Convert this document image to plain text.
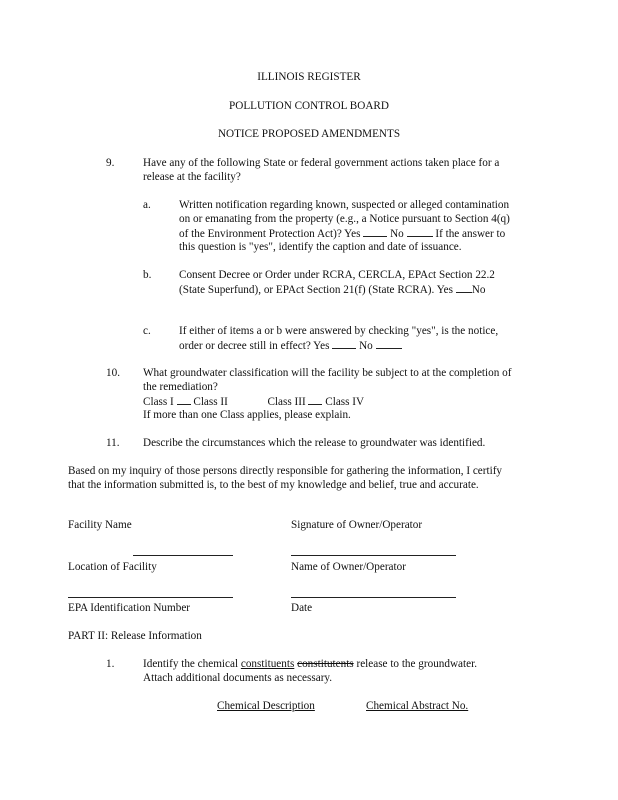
ILLINOIS REGISTER
POLLUTION CONTROL BOARD
NOTICE PROPOSED AMENDMENTS
9.	Have any of the following State or federal government actions taken place for a
release at the facility?
a.	Written notification regarding known, suspected or alleged contamination
on or emanating from the property (e.g., a Notice pursuant to Section 4(q)
of the Environment Protection Act)? Yes	No	If the answer to
this question is "yes", identify the caption and date of issuance.
b. Consent Decree or Order under RCRA, CERCLA, EPAct Section 22.2
(State Superfund), or EPAct Section 21(f) (State RCRA). Yes No
c.	If either of items a or b were answered by checking "yes", is the notice,
order or decree still in effect? Yes	No
10. What groundwater classification will the facility be subject to at the completion of
the remediation?
Class I Class II	Class III Class IV
If more than one Class applies, please explain.
11. Describe the circumstances which the release to groundwater was identified.
Based on my inquiry of those persons directly responsible for gathering the information, I certify
that the information submitted is, to the best of my knowledge and belief, true and accurate.
Facility Name	Signature of Owner/Operator
Location of Facility	Name of Owner/Operator
EPA Identification Number	Date
PART II: Release Information
1.	Identify the chemical constituents constitutents release to the groundwater.
Attach additional documents as necessary.
Chemical Description	Chemical Abstract No.
